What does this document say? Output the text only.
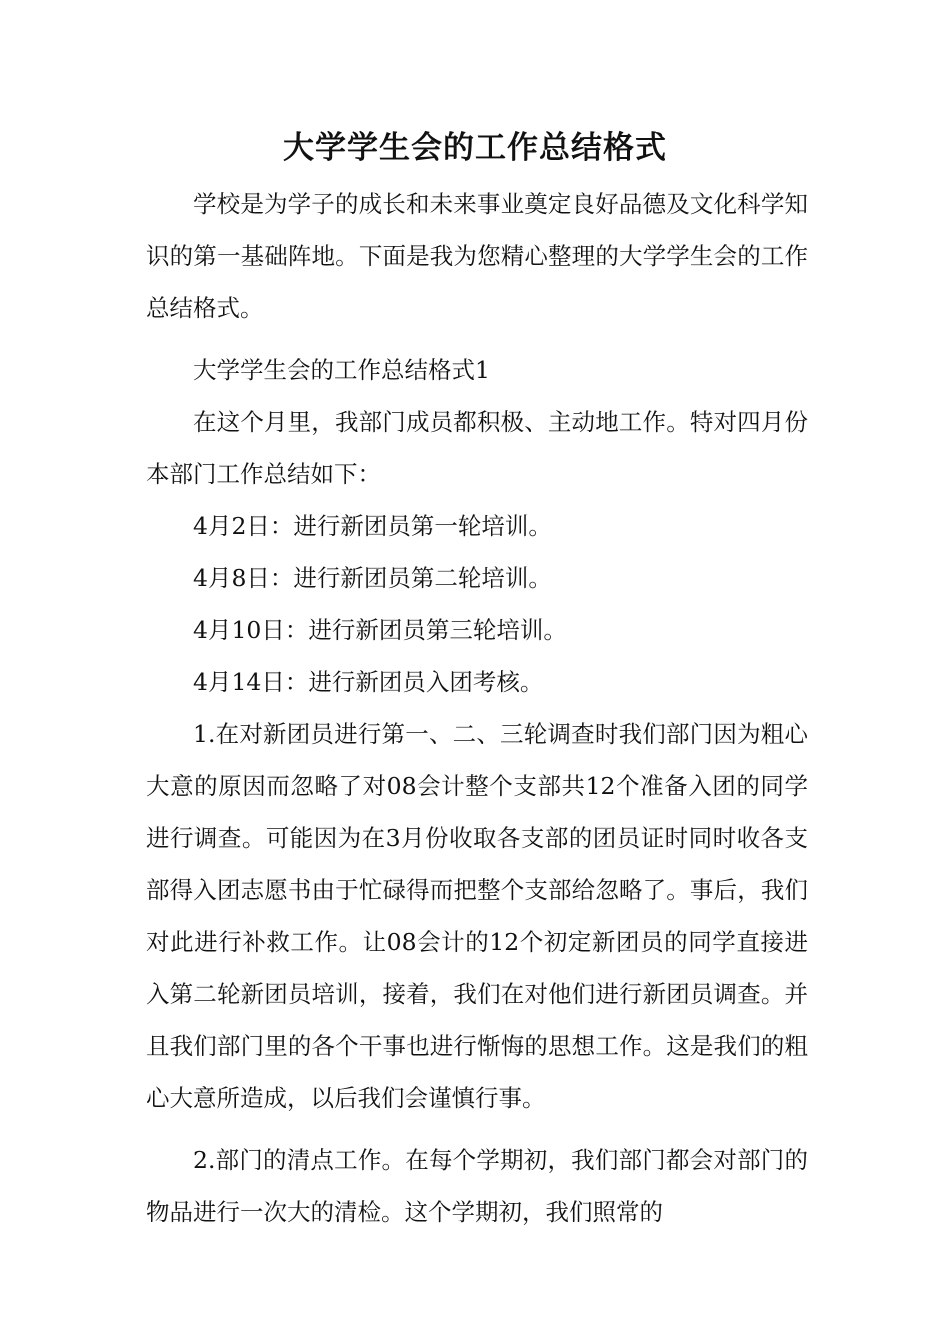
大学学生会的工作总结格式

学校是为学子的成长和未来事业奠定良好品德及文化科学知识的第一基础阵地。下面是我为您精心整理的大学学生会的工作总结格式。

大学学生会的工作总结格式1

在这个月里，我部门成员都积极、主动地工作。特对四月份本部门工作总结如下：

4月2日：进行新团员第一轮培训。

4月8日：进行新团员第二轮培训。

4月10日：进行新团员第三轮培训。

4月14日：进行新团员入团考核。

1.在对新团员进行第一、二、三轮调查时我们部门因为粗心大意的原因而忽略了对08会计整个支部共12个准备入团的同学进行调查。可能因为在3月份收取各支部的团员证时同时收各支部得入团志愿书由于忙碌得而把整个支部给忽略了。事后，我们对此进行补救工作。让08会计的12个初定新团员的同学直接进入第二轮新团员培训，接着，我们在对他们进行新团员调查。并且我们部门里的各个干事也进行惭悔的思想工作。这是我们的粗心大意所造成，以后我们会谨慎行事。

2.部门的清点工作。在每个学期初，我们部门都会对部门的物品进行一次大的清检。这个学期初，我们照常的
